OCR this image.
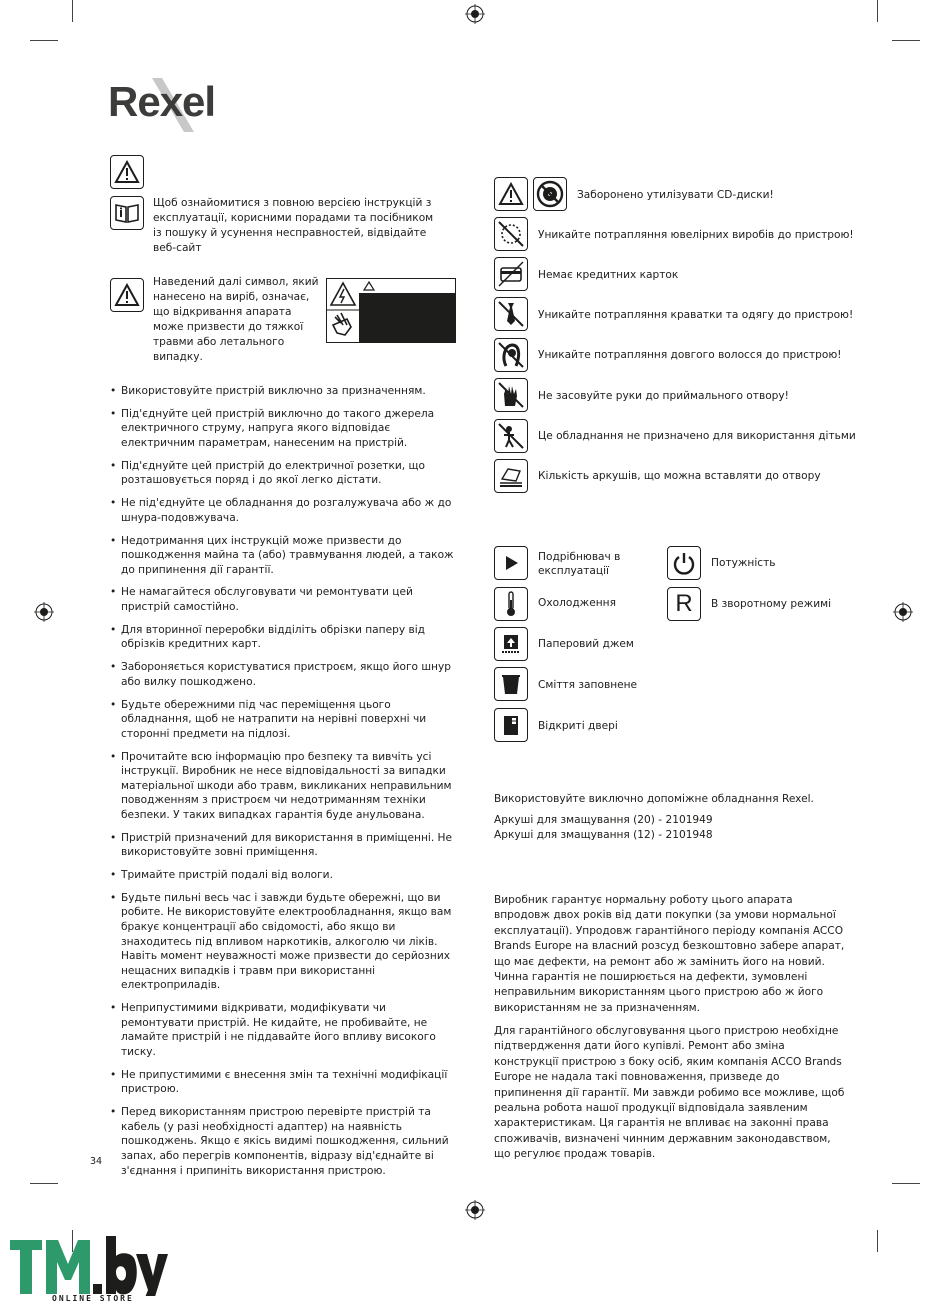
Rexel
Щоб ознайомитися з повною версією інструкцій з експлуатації, корисними порадами та посібником із пошуку й усунення несправностей, відвідайте веб-сайт
Наведений далі символ, який нанесено на виріб, означає, що відкривання апарата може призвести до тяжкої травми або летального випадку.
• Використовуйте пристрій виключно за призначенням.
• Під'єднуйте цей пристрій виключно до такого джерела електричного струму, напруга якого відповідає електричним параметрам, нанесеним на пристрій.
• Під'єднуйте цей пристрій до електричної розетки, що розташовується поряд і до якої легко дістати.
• Не під'єднуйте це обладнання до розгалужувача або ж до шнура-подовжувача.
• Недотримання цих інструкцій може призвести до пошкодження майна та (або) травмування людей, а також до припинення дії гарантії.
• Не намагайтеся обслуговувати чи ремонтувати цей пристрій самостійно.
• Для вторинної переробки відділіть обрізки паперу від обрізків кредитних карт.
• Забороняється користуватися пристроєм, якщо його шнур або вилку пошкоджено.
• Будьте обережними під час переміщення цього обладнання, щоб не натрапити на нерівні поверхні чи сторонні предмети на підлозі.
• Прочитайте всю інформацію про безпеку та вивчіть усі інструкції. Виробник не несе відповідальності за випадки матеріальної шкоди або травм, викликаних неправильним поводженням з пристроєм чи недотриманням техніки безпеки. У таких випадках гарантія буде анульована.
• Пристрій призначений для використання в приміщенні. Не використовуйте зовні приміщення.
• Тримайте пристрій подалі від вологи.
• Будьте пильні весь час і завжди будьте обережні, що ви робите. Не використовуйте електрообладнання, якщо вам бракує концентрації або свідомості, або якщо ви знаходитесь під впливом наркотиків, алкоголю чи ліків. Навіть момент неуважності може призвести до серйозних нещасних випадків і травм при використанні електроприладів.
• Неприпустимими відкривати, модифікувати чи ремонтувати пристрій. Не кидайте, не пробивайте, не ламайте пристрій і не піддавайте його впливу високого тиску.
• Не припустимими є внесення змін та технічні модифікації пристрою.
• Перед використанням пристрою перевірте пристрій та кабель (у разі необхідності адаптер) на наявність пошкоджень. Якщо є якісь видимі пошкодження, сильний запах, або перегрів компонентів, відразу від'єднайте ві з'єднання і припиніть використання пристрою.
Заборонено утилізувати CD-диски!
Уникайте потрапляння ювелірних виробів до пристрою!
Немає кредитних карток
Уникайте потрапляння краватки та одягу до пристрою!
Уникайте потрапляння довгого волосся до пристрою!
Не засовуйте руки до приймального отвору!
Це обладнання не призначено для використання дітьми
Кількість аркушів, що можна вставляти до отвору
Подрібнювач в експлуатації
Охолодження
Паперовий джем
Сміття заповнене
Відкриті двері
Потужність
R В зворотному режимі
Використовуйте виключно допоміжне обладнання Rexel.
Аркуші для змащування (20) - 2101949
Аркуші для змащування (12) - 2101948
Виробник гарантує нормальну роботу цього апарата впродовж двох років від дати покупки (за умови нормальної експлуатації). Упродовж гарантійного періоду компанія ACCO Brands Europe на власний розсуд безкоштовно забере апарат, що має дефекти, на ремонт або ж замінить його на новий. Чинна гарантія не поширюється на дефекти, зумовлені неправильним використанням цього пристрою або ж його використанням не за призначенням.
Для гарантійного обслуговування цього пристрою необхідне підтвердження дати його купівлі. Ремонт або зміна конструкції пристрою з боку осіб, яким компанія ACCO Brands Europe не надала такі повноваження, призведе до припинення дії гарантії. Ми завжди робимо все можливе, щоб реальна робота нашої продукції відповідала заявленим характеристикам. Ця гарантія не впливає на законні права споживачів, визначені чинним державним законодавством, що регулює продаж товарів.
34
ONLINE STORE
